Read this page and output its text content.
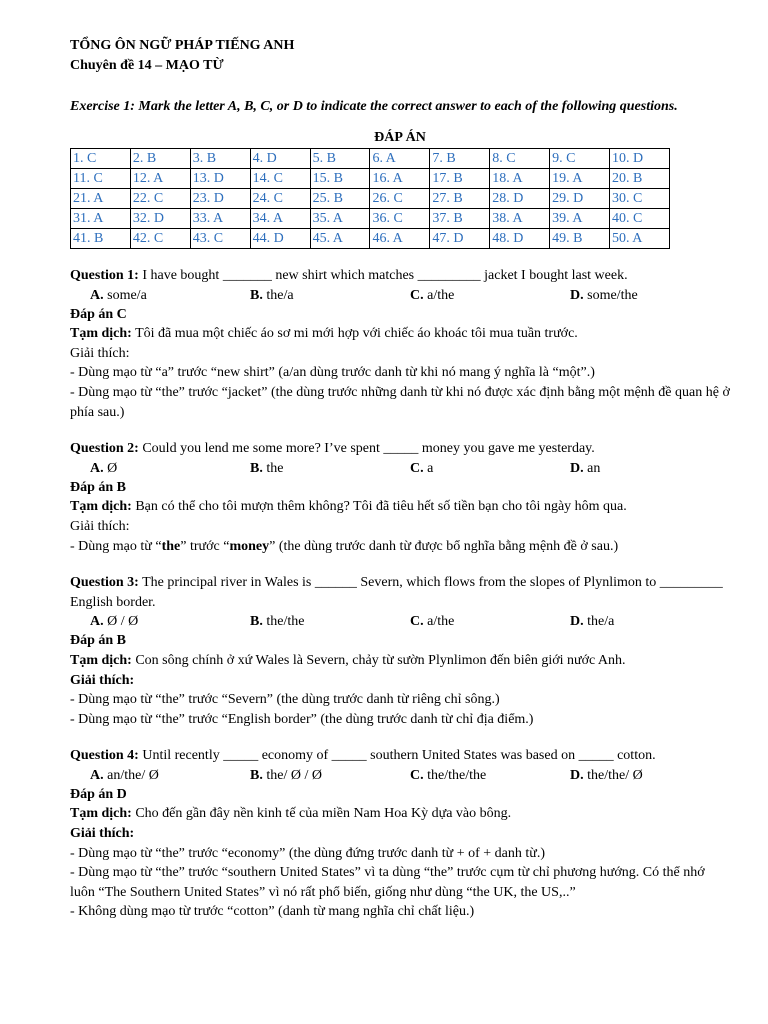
TỔNG ÔN NGỮ PHÁP TIẾNG ANH
Chuyên đề 14 – MẠO TỪ
Exercise 1: Mark the letter A, B, C, or D to indicate the correct answer to each of the following questions.
ĐÁP ÁN
1. C	2. B	3. B	4. D	5. B	6. A	7. B	8. C	9. C	10. D
11. C	12. A	13. D	14. C	15. B	16. A	17. B	18. A	19. A	20. B
21. A	22. C	23. D	24. C	25. B	26. C	27. B	28. D	29. D	30. C
31. A	32. D	33. A	34. A	35. A	36. C	37. B	38. A	39. A	40. C
41. B	42. C	43. C	44. D	45. A	46. A	47. D	48. D	49. B	50. A
Question 1: I have bought _______ new shirt which matches _________ jacket I bought last week.
A. some/a	B. the/a	C. a/the	D. some/the
Đáp án C
Tạm dịch: Tôi đã mua một chiếc áo sơ mi mới hợp với chiếc áo khoác tôi mua tuần trước.
Giải thích:
- Dùng mạo từ “a” trước “new shirt” (a/an dùng trước danh từ khi nó mang ý nghĩa là “một”.)
- Dùng mạo từ “the” trước “jacket” (the dùng trước những danh từ khi nó được xác định bằng một mệnh đề quan hệ ở phía sau.)
Question 2: Could you lend me some more? I’ve spent _____ money you gave me yesterday.
A. Ø	B. the	C. a	D. an
Đáp án B
Tạm dịch: Bạn có thể cho tôi mượn thêm không? Tôi đã tiêu hết số tiền bạn cho tôi ngày hôm qua.
Giải thích:
- Dùng mạo từ “the” trước “money” (the dùng trước danh từ được bổ nghĩa bằng mệnh đề ở sau.)
Question 3: The principal river in Wales is ______ Severn, which flows from the slopes of Plynlimon to _________ English border.
A. Ø / Ø	B. the/the	C. a/the	D. the/a
Đáp án B
Tạm dịch: Con sông chính ở xứ Wales là Severn, chảy từ sườn Plynlimon đến biên giới nước Anh.
Giải thích:
- Dùng mạo từ “the” trước “Severn” (the dùng trước danh từ riêng chỉ sông.)
- Dùng mạo từ “the” trước “English border” (the dùng trước danh từ chỉ địa điểm.)
Question 4: Until recently _____ economy of _____ southern United States was based on _____ cotton.
A. an/the/ Ø	B. the/ Ø / Ø	C. the/the/the	D. the/the/ Ø
Đáp án D
Tạm dịch: Cho đến gần đây nền kinh tế của miền Nam Hoa Kỳ dựa vào bông.
Giải thích:
- Dùng mạo từ “the” trước “economy” (the dùng đứng trước danh từ + of + danh từ.)
- Dùng mạo từ “the” trước “southern United States” vì ta dùng “the” trước cụm từ chỉ phương hướng. Có thể nhớ luôn “The Southern United States” vì nó rất phổ biến, giống như dùng “the UK, the US,..”
- Không dùng mạo từ trước “cotton” (danh từ mang nghĩa chỉ chất liệu.)
